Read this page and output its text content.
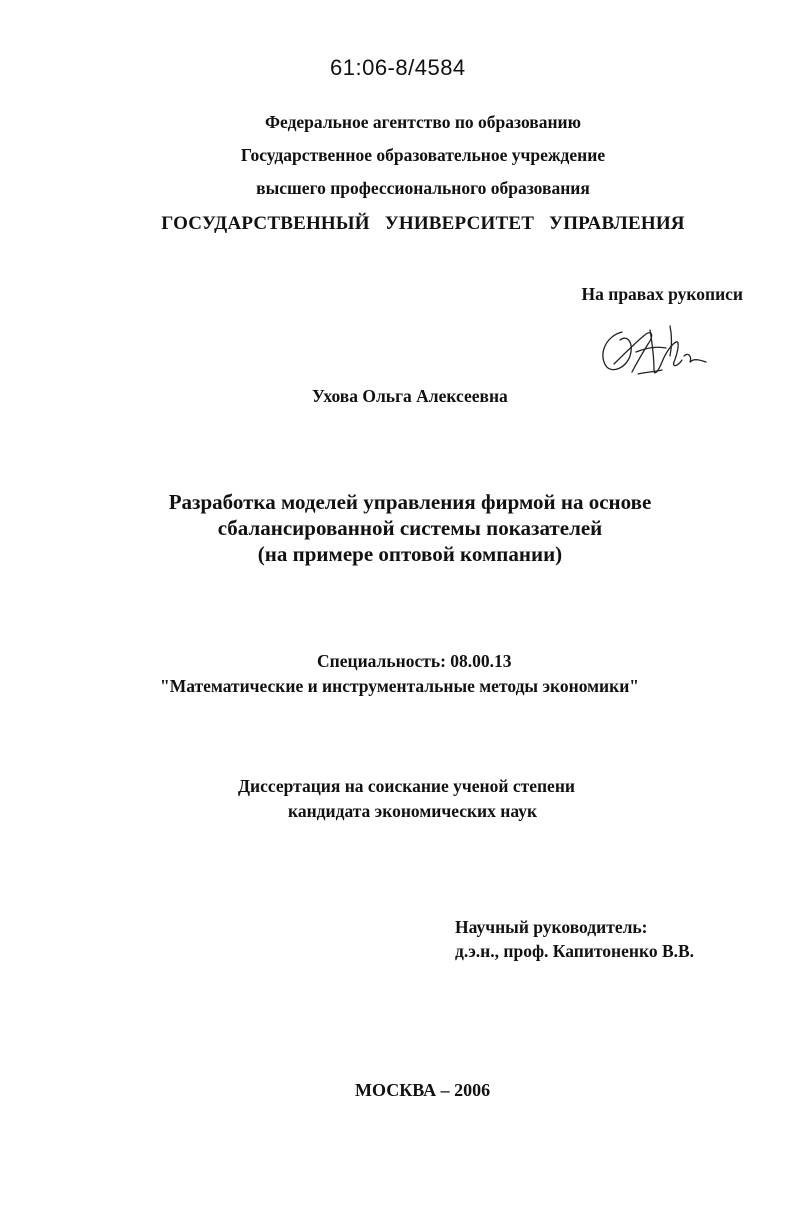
61:06-8/4584
Федеральное агентство по образованию
Государственное образовательное учреждение
высшего профессионального образования
ГОСУДАРСТВЕННЫЙ УНИВЕРСИТЕТ УПРАВЛЕНИЯ
На правах рукописи
Ухова Ольга Алексеевна
Разработка моделей управления фирмой на основе
сбалансированной системы показателей
(на примере оптовой компании)
Специальность: 08.00.13
"Математические и инструментальные методы экономики"
Диссертация на соискание ученой степени
кандидата экономических наук
Научный руководитель:
д.э.н., проф. Капитоненко В.В.
МОСКВА – 2006
